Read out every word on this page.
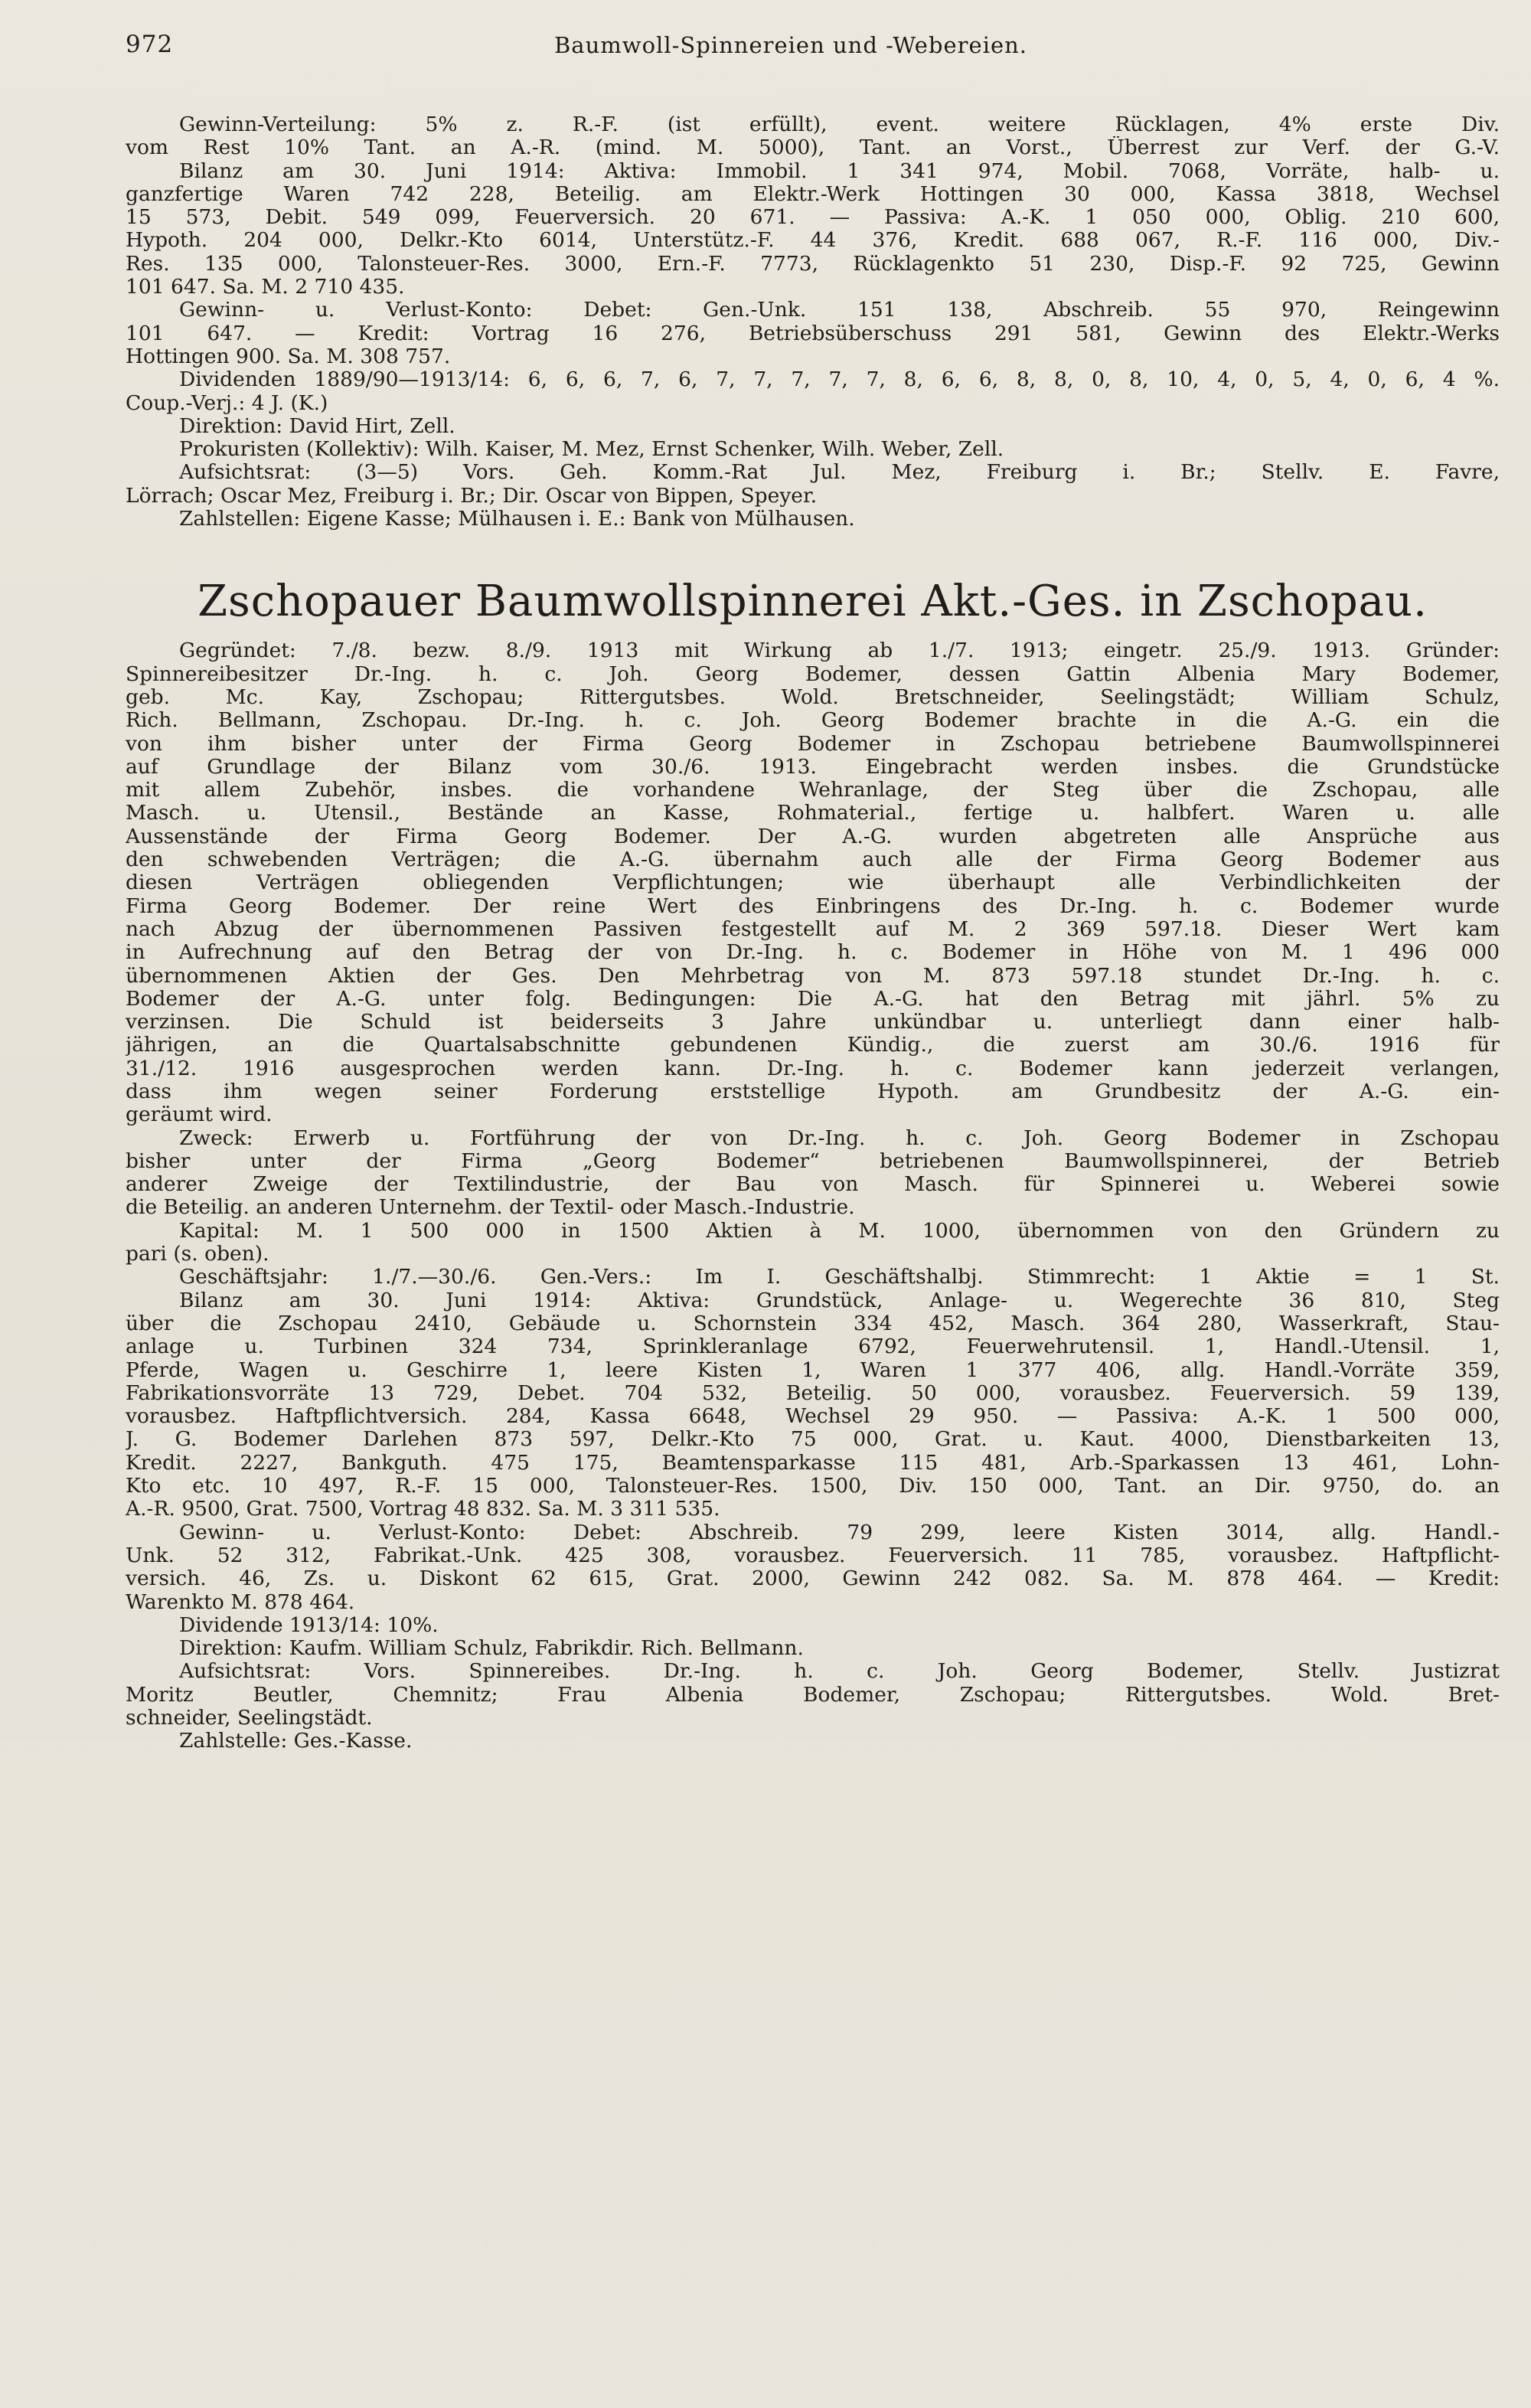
972	Baumwoll-Spinnereien und -Webereien.
Gewinn-Verteilung: 5% z. R.-F. (ist erfüllt), event. weitere Rücklagen, 4% erste Div.
vom Rest 10% Tant. an A.-R. (mind. M. 5000), Tant. an Vorst., Überrest zur Verf. der G.-V.
Bilanz am 30. Juni 1914: Aktiva: Immobil. 1 341 974, Mobil. 7068, Vorräte, halb- u.
ganzfertige Waren 742 228, Beteilig. am Elektr.-Werk Hottingen 30 000, Kassa 3818, Wechsel
15 573, Debit. 549 099, Feuerversich. 20 671. — Passiva: A.-K. 1 050 000, Oblig. 210 600,
Hypoth. 204 000, Delkr.-Kto 6014, Unterstütz.-F. 44 376, Kredit. 688 067, R.-F. 116 000, Div.-
Res. 135 000, Talonsteuer-Res. 3000, Ern.-F. 7773, Rücklagenkto 51 230, Disp.-F. 92 725, Gewinn
101 647. Sa. M. 2 710 435.
Gewinn- u. Verlust-Konto: Debet: Gen.-Unk. 151 138, Abschreib. 55 970, Reingewinn
101 647. — Kredit: Vortrag 16 276, Betriebsüberschuss 291 581, Gewinn des Elektr.-Werks
Hottingen 900. Sa. M. 308 757.
Dividenden 1889/90—1913/14: 6, 6, 6, 7, 6, 7, 7, 7, 7, 7, 8, 6, 6, 8, 8, 0, 8, 10, 4, 0, 5, 4, 0, 6, 4 %.
Coup.-Verj.: 4 J. (K.)
Direktion: David Hirt, Zell.
Prokuristen (Kollektiv): Wilh. Kaiser, M. Mez, Ernst Schenker, Wilh. Weber, Zell.
Aufsichtsrat: (3—5) Vors. Geh. Komm.-Rat Jul. Mez, Freiburg i. Br.; Stellv. E. Favre,
Lörrach; Oscar Mez, Freiburg i. Br.; Dir. Oscar von Bippen, Speyer.
Zahlstellen: Eigene Kasse; Mülhausen i. E.: Bank von Mülhausen.
Zschopauer Baumwollspinnerei Akt.-Ges. in Zschopau.
Gegründet: 7./8. bezw. 8./9. 1913 mit Wirkung ab 1./7. 1913; eingetr. 25./9. 1913. Gründer:
Spinnereibesitzer Dr.-Ing. h. c. Joh. Georg Bodemer, dessen Gattin Albenia Mary Bodemer,
geb. Mc. Kay, Zschopau; Rittergutsbes. Wold. Bretschneider, Seelingstädt; William Schulz,
Rich. Bellmann, Zschopau. Dr.-Ing. h. c. Joh. Georg Bodemer brachte in die A.-G. ein die
von ihm bisher unter der Firma Georg Bodemer in Zschopau betriebene Baumwollspinnerei
auf Grundlage der Bilanz vom 30./6. 1913. Eingebracht werden insbes. die Grundstücke
mit allem Zubehör, insbes. die vorhandene Wehranlage, der Steg über die Zschopau, alle
Masch. u. Utensil., Bestände an Kasse, Rohmaterial., fertige u. halbfert. Waren u. alle
Aussenstände der Firma Georg Bodemer. Der A.-G. wurden abgetreten alle Ansprüche aus
den schwebenden Verträgen; die A.-G. übernahm auch alle der Firma Georg Bodemer aus
diesen Verträgen obliegenden Verpflichtungen; wie überhaupt alle Verbindlichkeiten der
Firma Georg Bodemer. Der reine Wert des Einbringens des Dr.-Ing. h. c. Bodemer wurde
nach Abzug der übernommenen Passiven festgestellt auf M. 2 369 597.18. Dieser Wert kam
in Aufrechnung auf den Betrag der von Dr.-Ing. h. c. Bodemer in Höhe von M. 1 496 000
übernommenen Aktien der Ges. Den Mehrbetrag von M. 873 597.18 stundet Dr.-Ing. h. c.
Bodemer der A.-G. unter folg. Bedingungen: Die A.-G. hat den Betrag mit jährl. 5% zu
verzinsen. Die Schuld ist beiderseits 3 Jahre unkündbar u. unterliegt dann einer halb-
jährigen, an die Quartalsabschnitte gebundenen Kündig., die zuerst am 30./6. 1916 für
31./12. 1916 ausgesprochen werden kann. Dr.-Ing. h. c. Bodemer kann jederzeit verlangen,
dass ihm wegen seiner Forderung erststellige Hypoth. am Grundbesitz der A.-G. ein-
geräumt wird.
Zweck: Erwerb u. Fortführung der von Dr.-Ing. h. c. Joh. Georg Bodemer in Zschopau
bisher unter der Firma „Georg Bodemer“ betriebenen Baumwollspinnerei, der Betrieb
anderer Zweige der Textilindustrie, der Bau von Masch. für Spinnerei u. Weberei sowie
die Beteilig. an anderen Unternehm. der Textil- oder Masch.-Industrie.
Kapital: M. 1 500 000 in 1500 Aktien à M. 1000, übernommen von den Gründern zu
pari (s. oben).
Geschäftsjahr: 1./7.—30./6. Gen.-Vers.: Im I. Geschäftshalbj. Stimmrecht: 1 Aktie = 1 St.
Bilanz am 30. Juni 1914: Aktiva: Grundstück, Anlage- u. Wegerechte 36 810, Steg
über die Zschopau 2410, Gebäude u. Schornstein 334 452, Masch. 364 280, Wasserkraft, Stau-
anlage u. Turbinen 324 734, Sprinkleranlage 6792, Feuerwehrutensil. 1, Handl.-Utensil. 1,
Pferde, Wagen u. Geschirre 1, leere Kisten 1, Waren 1 377 406, allg. Handl.-Vorräte 359,
Fabrikationsvorräte 13 729, Debet. 704 532, Beteilig. 50 000, vorausbez. Feuerversich. 59 139,
vorausbez. Haftpflichtversich. 284, Kassa 6648, Wechsel 29 950. — Passiva: A.-K. 1 500 000,
J. G. Bodemer Darlehen 873 597, Delkr.-Kto 75 000, Grat. u. Kaut. 4000, Dienstbarkeiten 13,
Kredit. 2227, Bankguth. 475 175, Beamtensparkasse 115 481, Arb.-Sparkassen 13 461, Lohn-
Kto etc. 10 497, R.-F. 15 000, Talonsteuer-Res. 1500, Div. 150 000, Tant. an Dir. 9750, do. an
A.-R. 9500, Grat. 7500, Vortrag 48 832. Sa. M. 3 311 535.
Gewinn- u. Verlust-Konto: Debet: Abschreib. 79 299, leere Kisten 3014, allg. Handl.-
Unk. 52 312, Fabrikat.-Unk. 425 308, vorausbez. Feuerversich. 11 785, vorausbez. Haftpflicht-
versich. 46, Zs. u. Diskont 62 615, Grat. 2000, Gewinn 242 082. Sa. M. 878 464. — Kredit:
Warenkto M. 878 464.
Dividende 1913/14: 10%.
Direktion: Kaufm. William Schulz, Fabrikdir. Rich. Bellmann.
Aufsichtsrat: Vors. Spinnereibes. Dr.-Ing. h. c. Joh. Georg Bodemer, Stellv. Justizrat
Moritz Beutler, Chemnitz; Frau Albenia Bodemer, Zschopau; Rittergutsbes. Wold. Bret-
schneider, Seelingstädt.
Zahlstelle: Ges.-Kasse.
